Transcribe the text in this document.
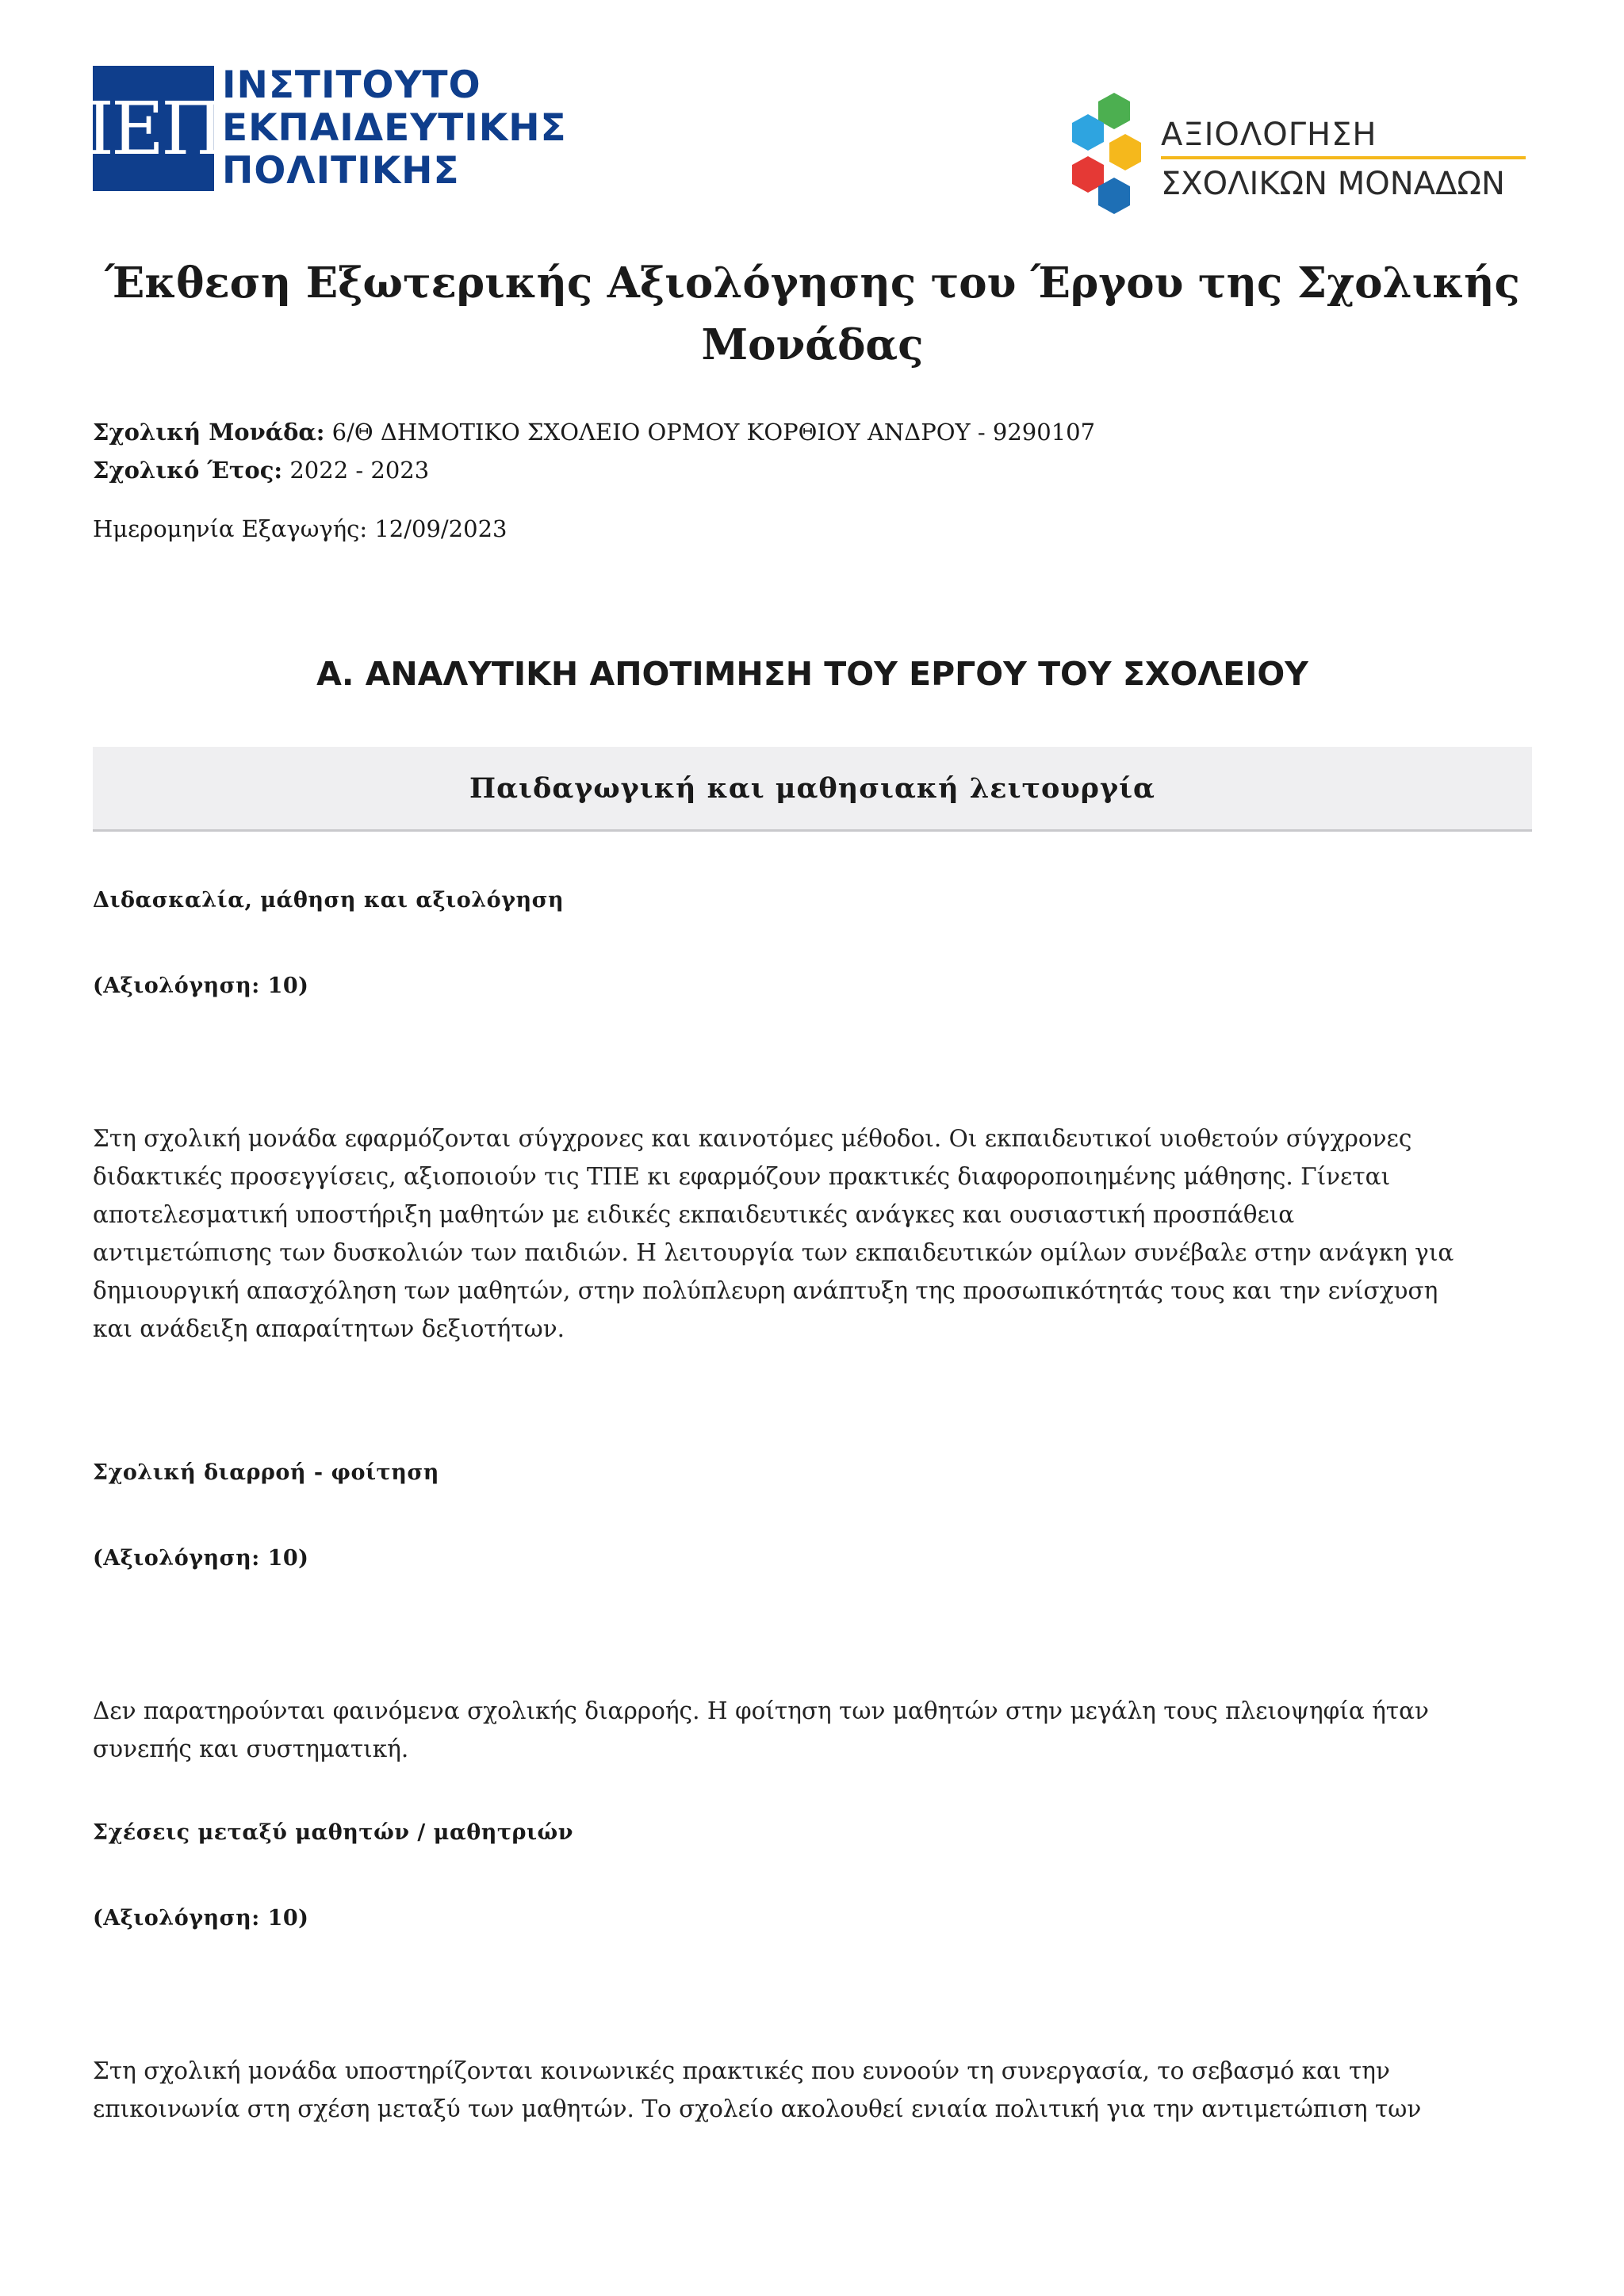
ΙΕΠ
ΙΝΣΤΙΤΟΥΤΟ
ΕΚΠΑΙΔΕΥΤΙΚΗΣ
ΠΟΛΙΤΙΚΗΣ
ΑΞΙΟΛΟΓΗΣΗ
ΣΧΟΛΙΚΩΝ ΜΟΝΑΔΩΝ
Έκθεση Εξωτερικής Αξιολόγησης του Έργου της Σχολικής Μονάδας
Σχολική Μονάδα: 6/Θ ΔΗΜΟΤΙΚΟ ΣΧΟΛΕΙΟ ΟΡΜΟΥ ΚΟΡΘΙΟΥ ΑΝΔΡΟΥ - 9290107
Σχολικό Έτος: 2022 - 2023
Ημερομηνία Εξαγωγής: 12/09/2023
Α. ΑΝΑΛΥΤΙΚΗ ΑΠΟΤΙΜΗΣΗ ΤΟΥ ΕΡΓΟΥ ΤΟΥ ΣΧΟΛΕΙΟΥ
Παιδαγωγική και μαθησιακή λειτουργία
Διδασκαλία, μάθηση και αξιολόγηση
(Αξιολόγηση: 10)
Στη σχολική μονάδα εφαρμόζονται σύγχρονες και καινοτόμες μέθοδοι. Οι εκπαιδευτικοί υιοθετούν σύγχρονες
διδακτικές προσεγγίσεις, αξιοποιούν τις ΤΠΕ κι εφαρμόζουν πρακτικές διαφοροποιημένης μάθησης. Γίνεται
αποτελεσματική υποστήριξη μαθητών με ειδικές εκπαιδευτικές ανάγκες και ουσιαστική προσπάθεια
αντιμετώπισης των δυσκολιών των παιδιών. Η λειτουργία των εκπαιδευτικών ομίλων συνέβαλε στην ανάγκη για
δημιουργική απασχόληση των μαθητών, στην πολύπλευρη ανάπτυξη της προσωπικότητάς τους και την ενίσχυση
και ανάδειξη απαραίτητων δεξιοτήτων.
Σχολική διαρροή - φοίτηση
(Αξιολόγηση: 10)
Δεν παρατηρούνται φαινόμενα σχολικής διαρροής. Η φοίτηση των μαθητών στην μεγάλη τους πλειοψηφία ήταν
συνεπής και συστηματική.
Σχέσεις μεταξύ μαθητών / μαθητριών
(Αξιολόγηση: 10)
Στη σχολική μονάδα υποστηρίζονται κοινωνικές πρακτικές που ευνοούν τη συνεργασία, το σεβασμό και την
επικοινωνία στη σχέση μεταξύ των μαθητών. Το σχολείο ακολουθεί ενιαία πολιτική για την αντιμετώπιση των
